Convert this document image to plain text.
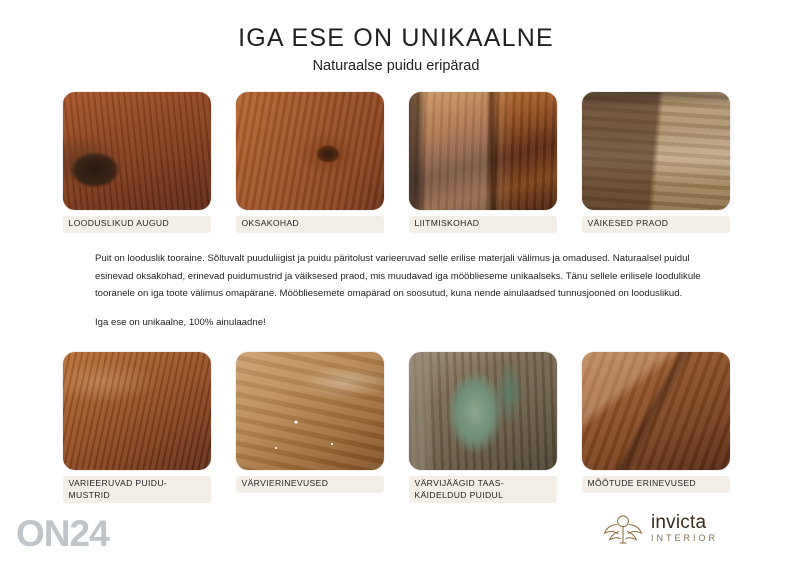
IGA ESE ON UNIKAALNE
Naturaalse puidu eripärad
LOODUSLIKUD AUGUD	OKSAKOHAD	LIITMISKOHAD	VÄIKESED PRAOD

Puit on looduslik tooraine. Sõltuvalt puuduliigist ja puidu päritolust varieeruvad selle erilise materjali välimus ja omadused. Naturaalsel puidul esinevad oksakohad, erinevad puidumustrid ja väiksesed praod, mis muudavad iga mööblieseme unikaalseks. Tänu sellele erilisele loodulikule tooranele on iga toote välimus omapärane. Mööbliesemete omapärad on soosutud, kuna nende ainulaadsed tunnusjooned on looduslikud.

Iga ese on unikaalne, 100% ainulaadne!

VARIEERUVAD PUIDU- MUSTRID
VÄRVIERINEVUSED	VÄRVIJÄÄGID TAAS- KÄIDELDUD PUIDUL
MÕÕTUDE ERINEVUSED
ON24	invicta
INTERIOR
